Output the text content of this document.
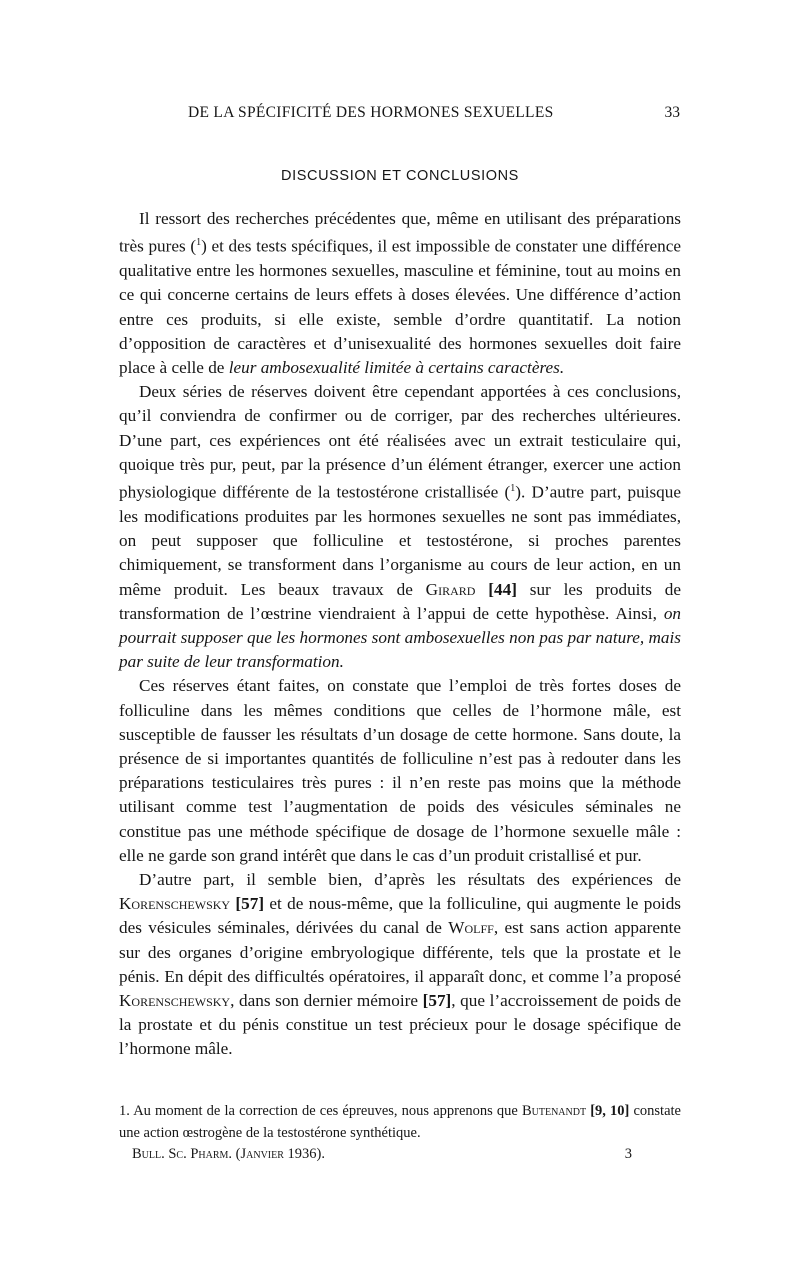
DE LA SPÉCIFICITÉ DES HORMONES SEXUELLES	33
DISCUSSION ET CONCLUSIONS

Il ressort des recherches précédentes que, même en utilisant des préparations très pures ($^1$) et des tests spécifiques, il est impossible de constater une différence qualitative entre les hormones sexuelles, masculine et féminine, tout au moins en ce qui concerne certains de leurs effets à doses élevées. Une différence d’action entre ces produits, si elle existe, semble d’ordre quantitatif. La notion d’opposition de caractères et d’unisexualité des hormones sexuelles doit faire place à celle de leur ambosexualité limitée à certains caractères.

Deux séries de réserves doivent être cependant apportées à ces conclusions, qu’il conviendra de confirmer ou de corriger, par des recherches ultérieures. D’une part, ces expériences ont été réalisées avec un extrait testiculaire qui, quoique très pur, peut, par la présence d’un élément étranger, exercer une action physiologique différente de la testostérone cristallisée ($^1$). D’autre part, puisque les modifications produites par les hormones sexuelles ne sont pas immédiates, on peut supposer que folliculine et testostérone, si proches parentes chimiquement, se transforment dans l’organisme au cours de leur action, en un même produit. Les beaux travaux de Girard [44] sur les produits de transformation de l’œstrine viendraient à l’appui de cette hypothèse. Ainsi, on pourrait supposer que les hormones sont ambosexuelles non pas par nature, mais par suite de leur transformation.

Ces réserves étant faites, on constate que l’emploi de très fortes doses de folliculine dans les mêmes conditions que celles de l’hormone mâle, est susceptible de fausser les résultats d’un dosage de cette hormone. Sans doute, la présence de si importantes quantités de folliculine n’est pas à redouter dans les préparations testiculaires très pures : il n’en reste pas moins que la méthode utilisant comme test l’augmentation de poids des vésicules séminales ne constitue pas une méthode spécifique de dosage de l’hormone sexuelle mâle : elle ne garde son grand intérêt que dans le cas d’un produit cristallisé et pur.

D’autre part, il semble bien, d’après les résultats des expériences de Korenschewsky [57] et de nous-même, que la folliculine, qui augmente le poids des vésicules séminales, dérivées du canal de Wolff, est sans action apparente sur des organes d’origine embryologique différente, tels que la prostate et le pénis. En dépit des difficultés opératoires, il apparaît donc, et comme l’a proposé Korenschewsky, dans son dernier mémoire [57], que l’accroissement de poids de la prostate et du pénis constitue un test précieux pour le dosage spécifique de l’hormone mâle.

1. Au moment de la correction de ces épreuves, nous apprenons que Butenandt [9, 10] constate une action œstrogène de la testostérone synthétique.
Bull. Sc. Pharm. (Janvier 1936).	3
